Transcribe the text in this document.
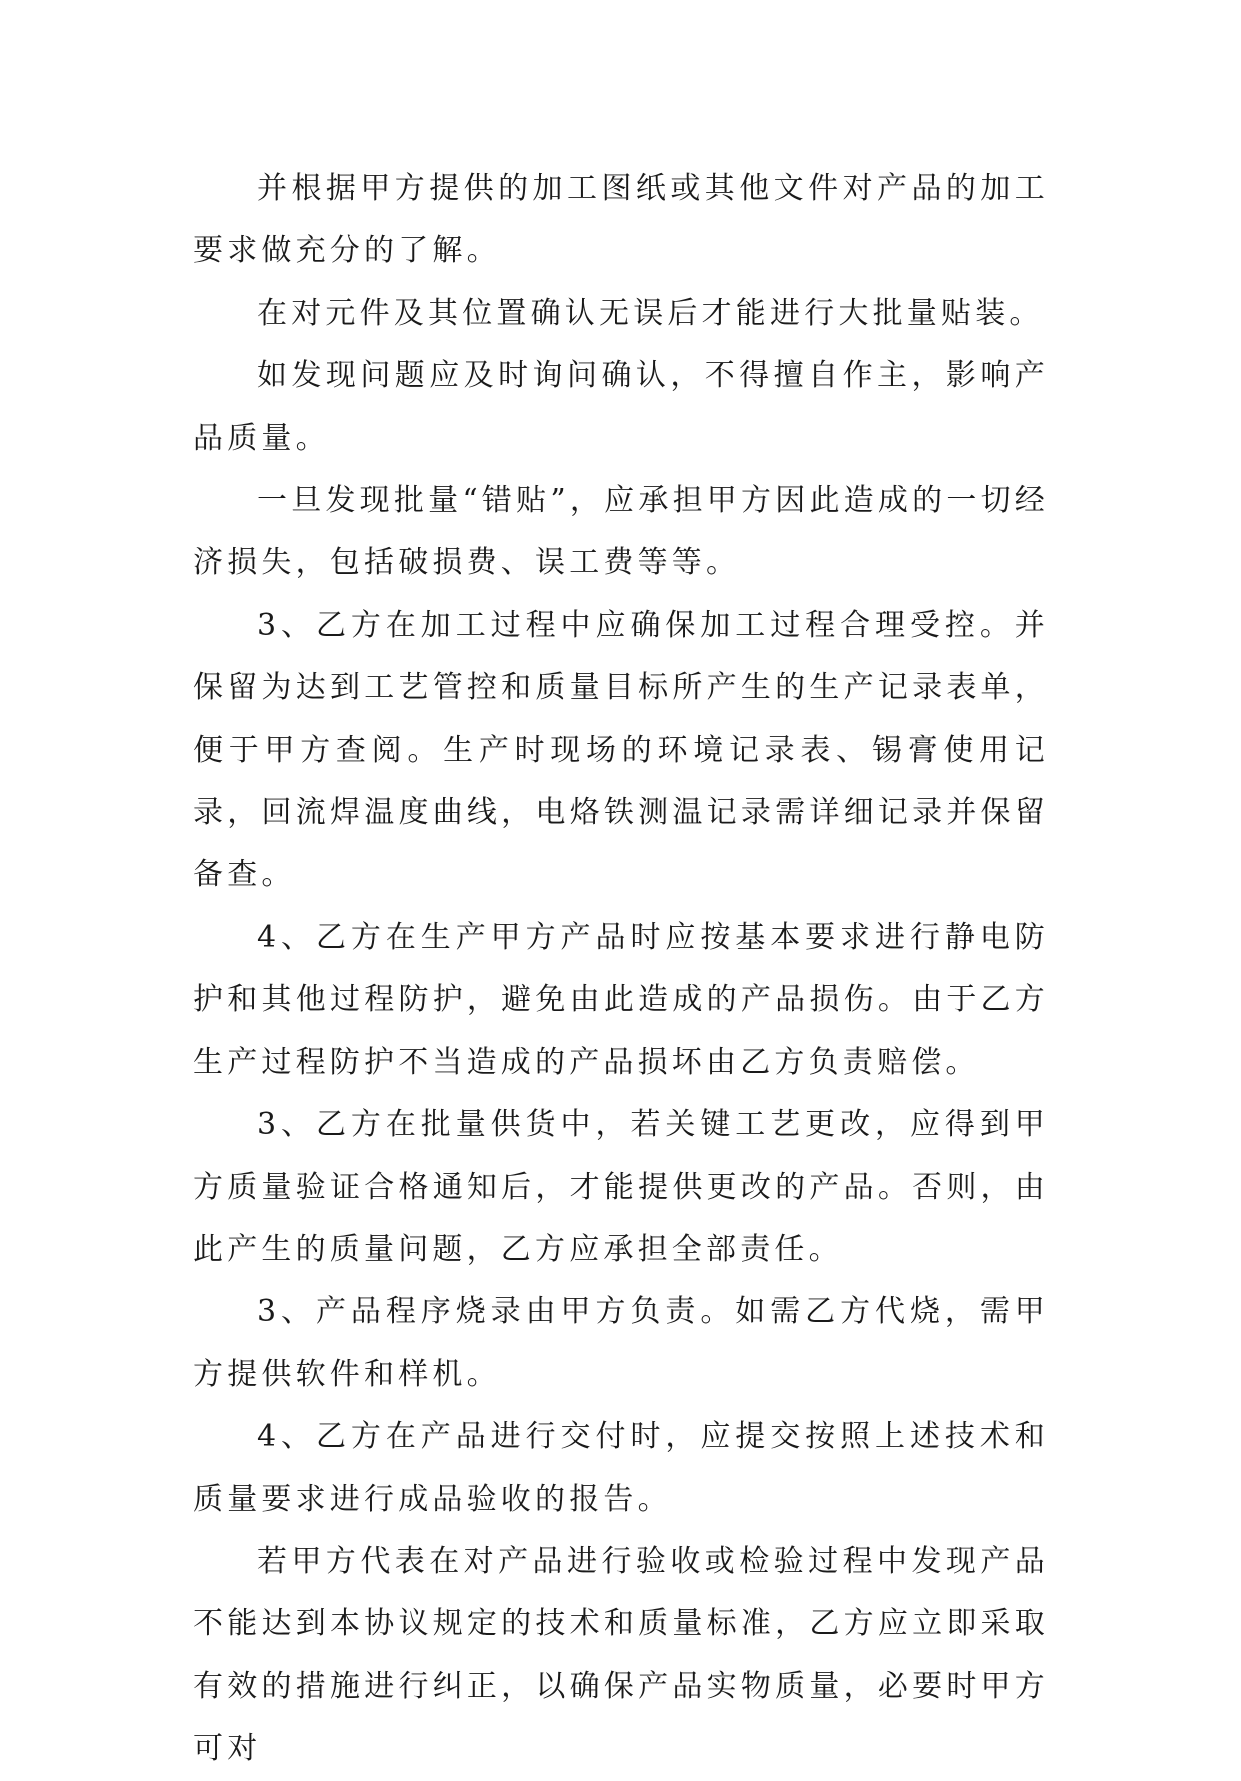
并根据甲方提供的加工图纸或其他文件对产品的加工要求做充分的了解。

在对元件及其位置确认无误后才能进行大批量贴装。

如发现问题应及时询问确认，不得擅自作主，影响产品质量。

一旦发现批量“错贴”，应承担甲方因此造成的一切经济损失，包括破损费、误工费等等。

3、乙方在加工过程中应确保加工过程合理受控。并保留为达到工艺管控和质量目标所产生的生产记录表单，便于甲方查阅。生产时现场的环境记录表、锡膏使用记录，回流焊温度曲线，电烙铁测温记录需详细记录并保留备查。

4、乙方在生产甲方产品时应按基本要求进行静电防护和其他过程防护，避免由此造成的产品损伤。由于乙方生产过程防护不当造成的产品损坏由乙方负责赔偿。

3、乙方在批量供货中，若关键工艺更改，应得到甲方质量验证合格通知后，才能提供更改的产品。否则，由此产生的质量问题，乙方应承担全部责任。

3、产品程序烧录由甲方负责。如需乙方代烧，需甲方提供软件和样机。

4、乙方在产品进行交付时，应提交按照上述技术和质量要求进行成品验收的报告。

若甲方代表在对产品进行验收或检验过程中发现产品不能达到本协议规定的技术和质量标准，乙方应立即采取有效的措施进行纠正，以确保产品实物质量，必要时甲方可对
